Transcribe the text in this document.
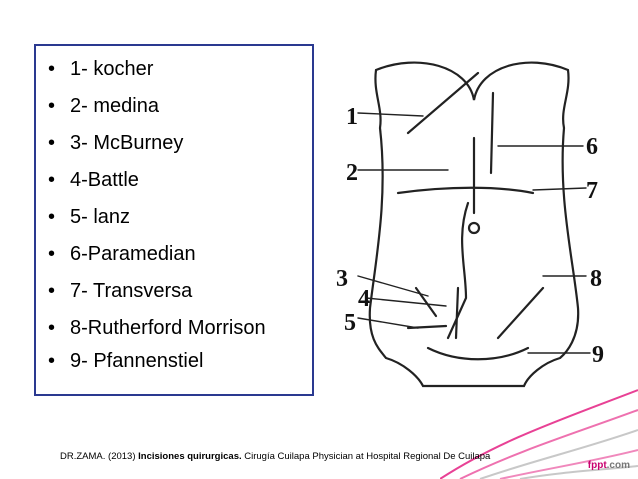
• 1- kocher
• 2- medina
• 3- McBurney
• 4-Battle
• 5- lanz
• 6-Paramedian
• 7- Transversa
• 8-Rutherford Morrison
• 9- Pfannenstiel
1
2
3
4
5
6
7
8
9
DR.ZAMA. (2013) Incisiones quirurgicas. Cirugía Cuilapa Physician at Hospital Regional De Cuilapa
fppt.com
